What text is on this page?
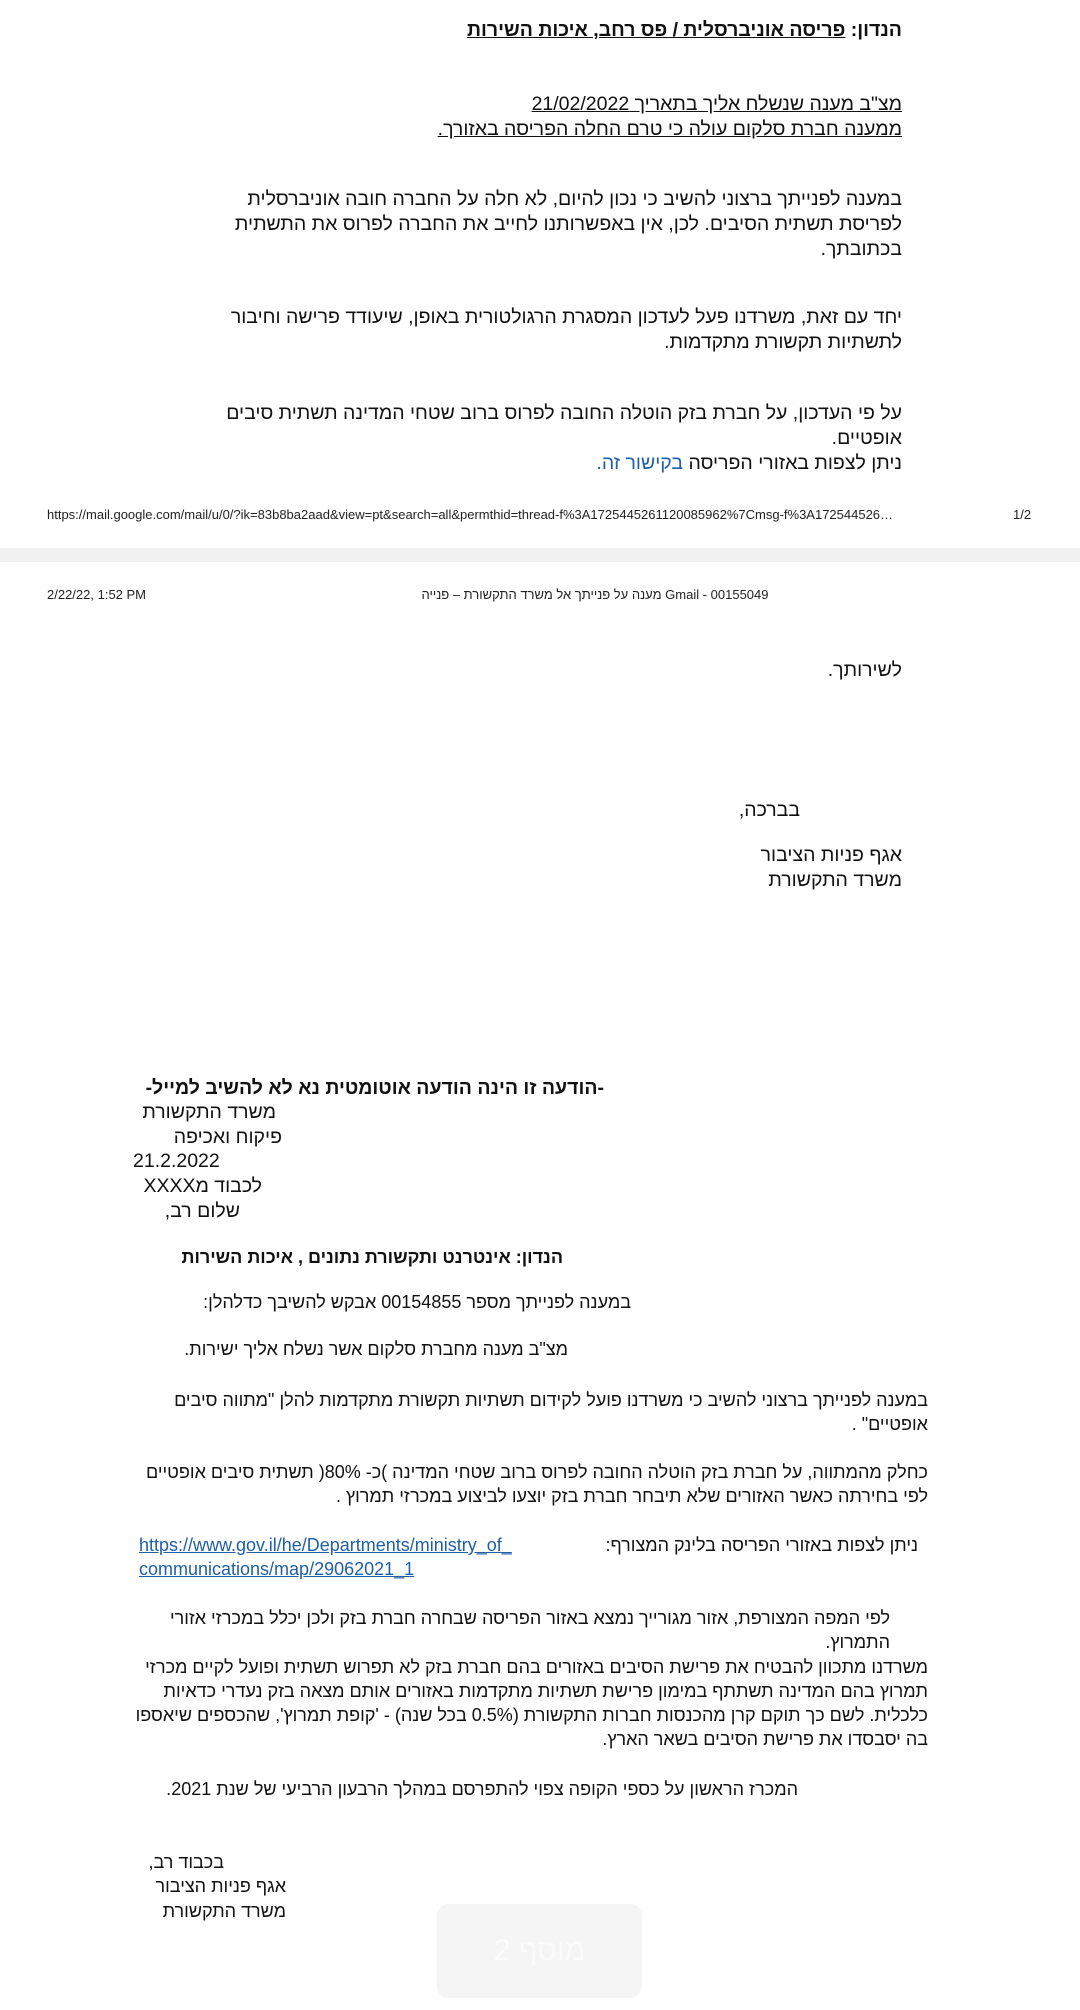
הנדון: פריסה אוניברסלית / פס רחב, איכות השירות
מצ"ב מענה שנשלח אליך בתאריך 21/02/2022
ממענה חברת סלקום עולה כי טרם החלה הפריסה באזורך.

במענה לפנייתך ברצוני להשיב כי נכון להיום, לא חלה על החברה חובה אוניברסלית לפריסת תשתית הסיבים. לכן, אין באפשרותנו לחייב את החברה לפרוס את התשתית בכתובתך.

יחד עם זאת, משרדנו פעל לעדכון המסגרת הרגולטורית באופן, שיעודד פרישה וחיבור לתשתיות תקשורת מתקדמות.

על פי העדכון, על חברת בזק הוטלה החובה לפרוס ברוב שטחי המדינה תשתית סיבים אופטיים.

ניתן לצפות באזורי הפריסה בקישור זה.

https://mail.google.com/mail/u/0/?ik=83b8ba2aad&view=pt&search=all&permthid=thread-f%3A1725445261120085962%7Cmsg-f%3A172544526…	1/2
2/22/22, 1:52 PM	Gmail - 00155049 מענה על פנייתך אל משרד התקשורת – פנייה
לשירותך.
בברכה,
אגף פניות הציבור
משרד התקשורת
-הודעה זו הינה הודעה אוטומטית נא לא להשיב למייל-
משרד התקשורת
פיקוח ואכיפה
21.2.2022
לכבוד מXXXX
שלום רב,
הנדון: אינטרנט ותקשורת נתונים , איכות השירות
במענה לפנייתך מספר 00154855 אבקש להשיבך כדלהלן:
מצ"ב מענה מחברת סלקום אשר נשלח אליך ישירות.

במענה לפנייתך ברצוני להשיב כי משרדנו פועל לקידום תשתיות תקשורת מתקדמות להלן "מתווה סיבים אופטיים" .

כחלק מהמתווה, על חברת בזק הוטלה החובה לפרוס ברוב שטחי המדינה )כ- 80%( תשתית סיבים אופטיים לפי בחירתה כאשר האזורים שלא תיבחר חברת בזק יוצעו לביצוע במכרזי תמרוץ .

ניתן לצפות באזורי הפריסה בלינק המצורף:
https://www.gov.il/he/Departments/ministry_of_
communications/map/29062021_1

לפי המפה המצורפת, אזור מגורייך נמצא באזור הפריסה שבחרה חברת בזק ולכן יכלל במכרזי אזורי התמרוץ.

משרדנו מתכוון להבטיח את פרישת הסיבים באזורים בהם חברת בזק לא תפרוש תשתית ופועל לקיים מכרזי תמרוץ בהם המדינה תשתתף במימון פרישת תשתיות מתקדמות באזורים אותם מצאה בזק נעדרי כדאיות כלכלית. לשם כך תוקם קרן מהכנסות חברות התקשורת (0.5% בכל שנה) - 'קופת תמרוץ', שהכספים שיאספו בה יסבסדו את פרישת הסיבים בשאר הארץ.

המכרז הראשון על כספי הקופה צפוי להתפרסם במהלך הרבעון הרביעי של שנת 2021.

בכבוד רב,
אגף פניות הציבור
משרד התקשורת
מוסף 2
